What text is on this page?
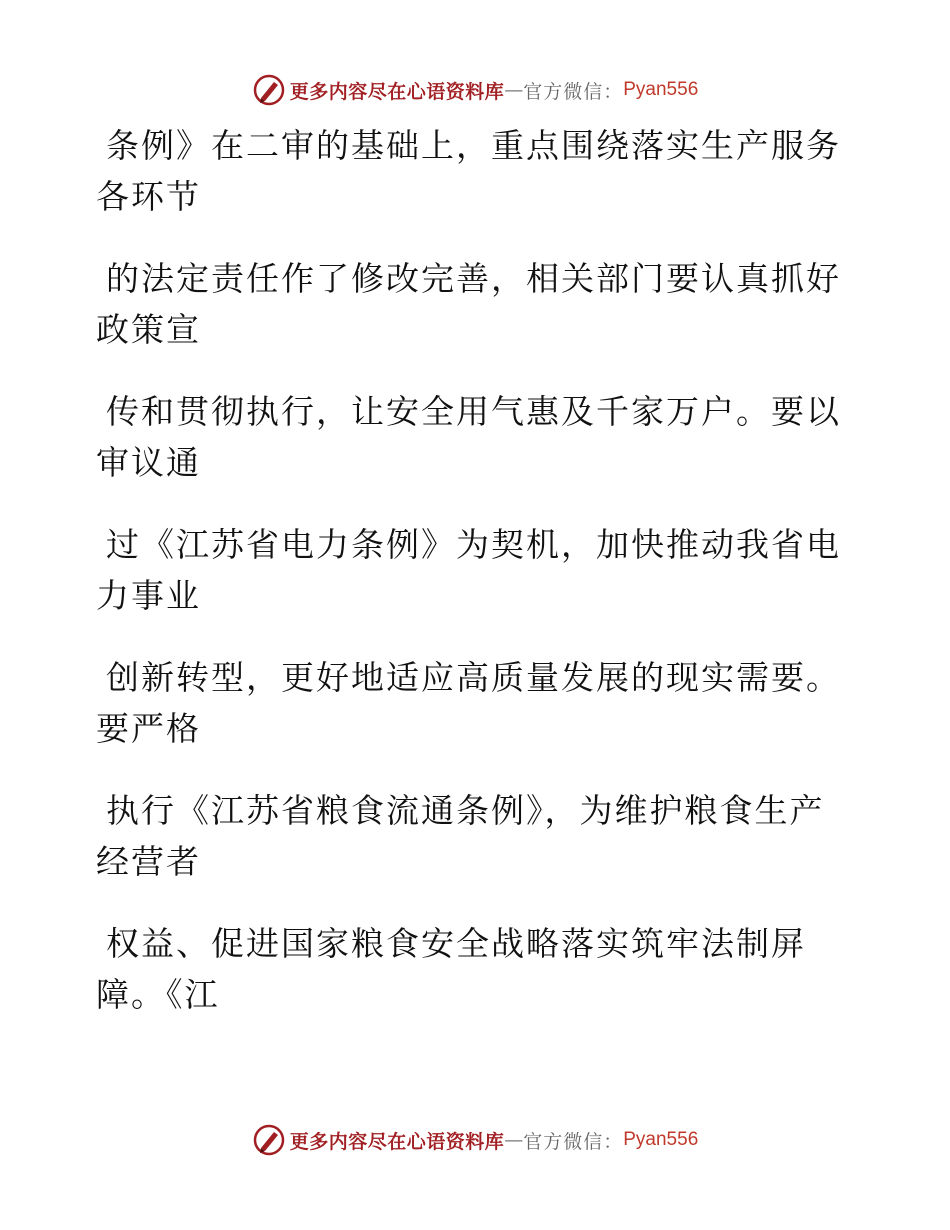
更多内容尽在心语资料库 — 官方微信： Pyan556

条例》在二审的基础上，重点围绕落实生产服务

各环节

的法定责任作了修改完善，相关部门要认真抓好

政策宣

传和贯彻执行，让安全用气惠及千家万户。要以

审议通

过《江苏省电力条例》为契机，加快推动我省电

力事业

创新转型，更好地适应高质量发展的现实需要。

要严格

执行《江苏省粮食流通条例》，为维护粮食生产

经营者

权益、促进国家粮食安全战略落实筑牢法制屏

障。《江

更多内容尽在心语资料库 — 官方微信： Pyan556
